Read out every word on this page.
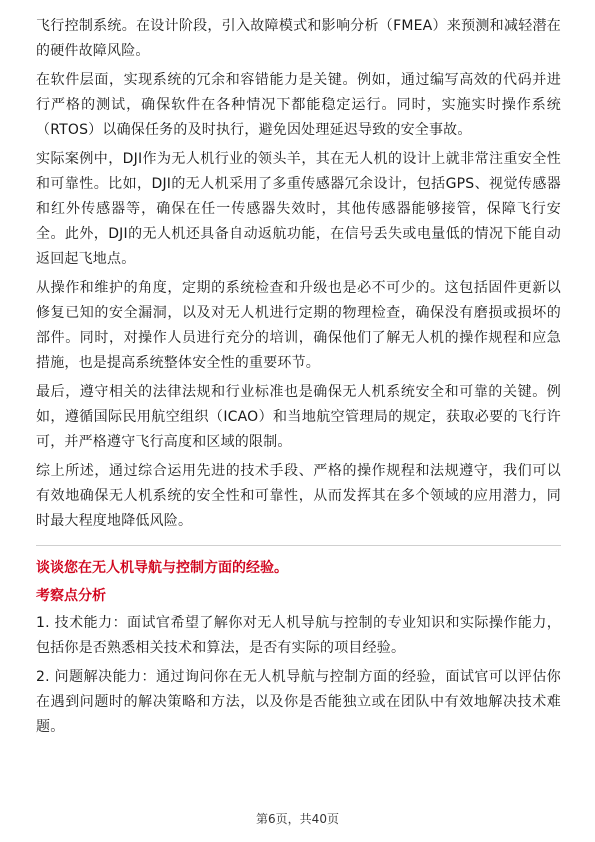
飞行控制系统。在设计阶段，引入故障模式和影响分析（FMEA）来预测和减轻潜在的硬件故障风险。

在软件层面，实现系统的冗余和容错能力是关键。例如，通过编写高效的代码并进行严格的测试，确保软件在各种情况下都能稳定运行。同时，实施实时操作系统（RTOS）以确保任务的及时执行，避免因处理延迟导致的安全事故。

实际案例中，DJI作为无人机行业的领头羊，其在无人机的设计上就非常注重安全性和可靠性。比如，DJI的无人机采用了多重传感器冗余设计，包括GPS、视觉传感器和红外传感器等，确保在任一传感器失效时，其他传感器能够接管，保障飞行安全。此外，DJI的无人机还具备自动返航功能，在信号丢失或电量低的情况下能自动返回起飞地点。

从操作和维护的角度，定期的系统检查和升级也是必不可少的。这包括固件更新以修复已知的安全漏洞，以及对无人机进行定期的物理检查，确保没有磨损或损坏的部件。同时，对操作人员进行充分的培训，确保他们了解无人机的操作规程和应急措施，也是提高系统整体安全性的重要环节。

最后，遵守相关的法律法规和行业标准也是确保无人机系统安全和可靠的关键。例如，遵循国际民用航空组织（ICAO）和当地航空管理局的规定，获取必要的飞行许可，并严格遵守飞行高度和区域的限制。

综上所述，通过综合运用先进的技术手段、严格的操作规程和法规遵守，我们可以有效地确保无人机系统的安全性和可靠性，从而发挥其在多个领域的应用潜力，同时最大程度地降低风险。

谈谈您在无人机导航与控制方面的经验。
考察点分析

1. 技术能力：面试官希望了解你对无人机导航与控制的专业知识和实际操作能力，包括你是否熟悉相关技术和算法，是否有实际的项目经验。

2. 问题解决能力：通过询问你在无人机导航与控制方面的经验，面试官可以评估你在遇到问题时的解决策略和方法，以及你是否能独立或在团队中有效地解决技术难题。

第6页，共40页
